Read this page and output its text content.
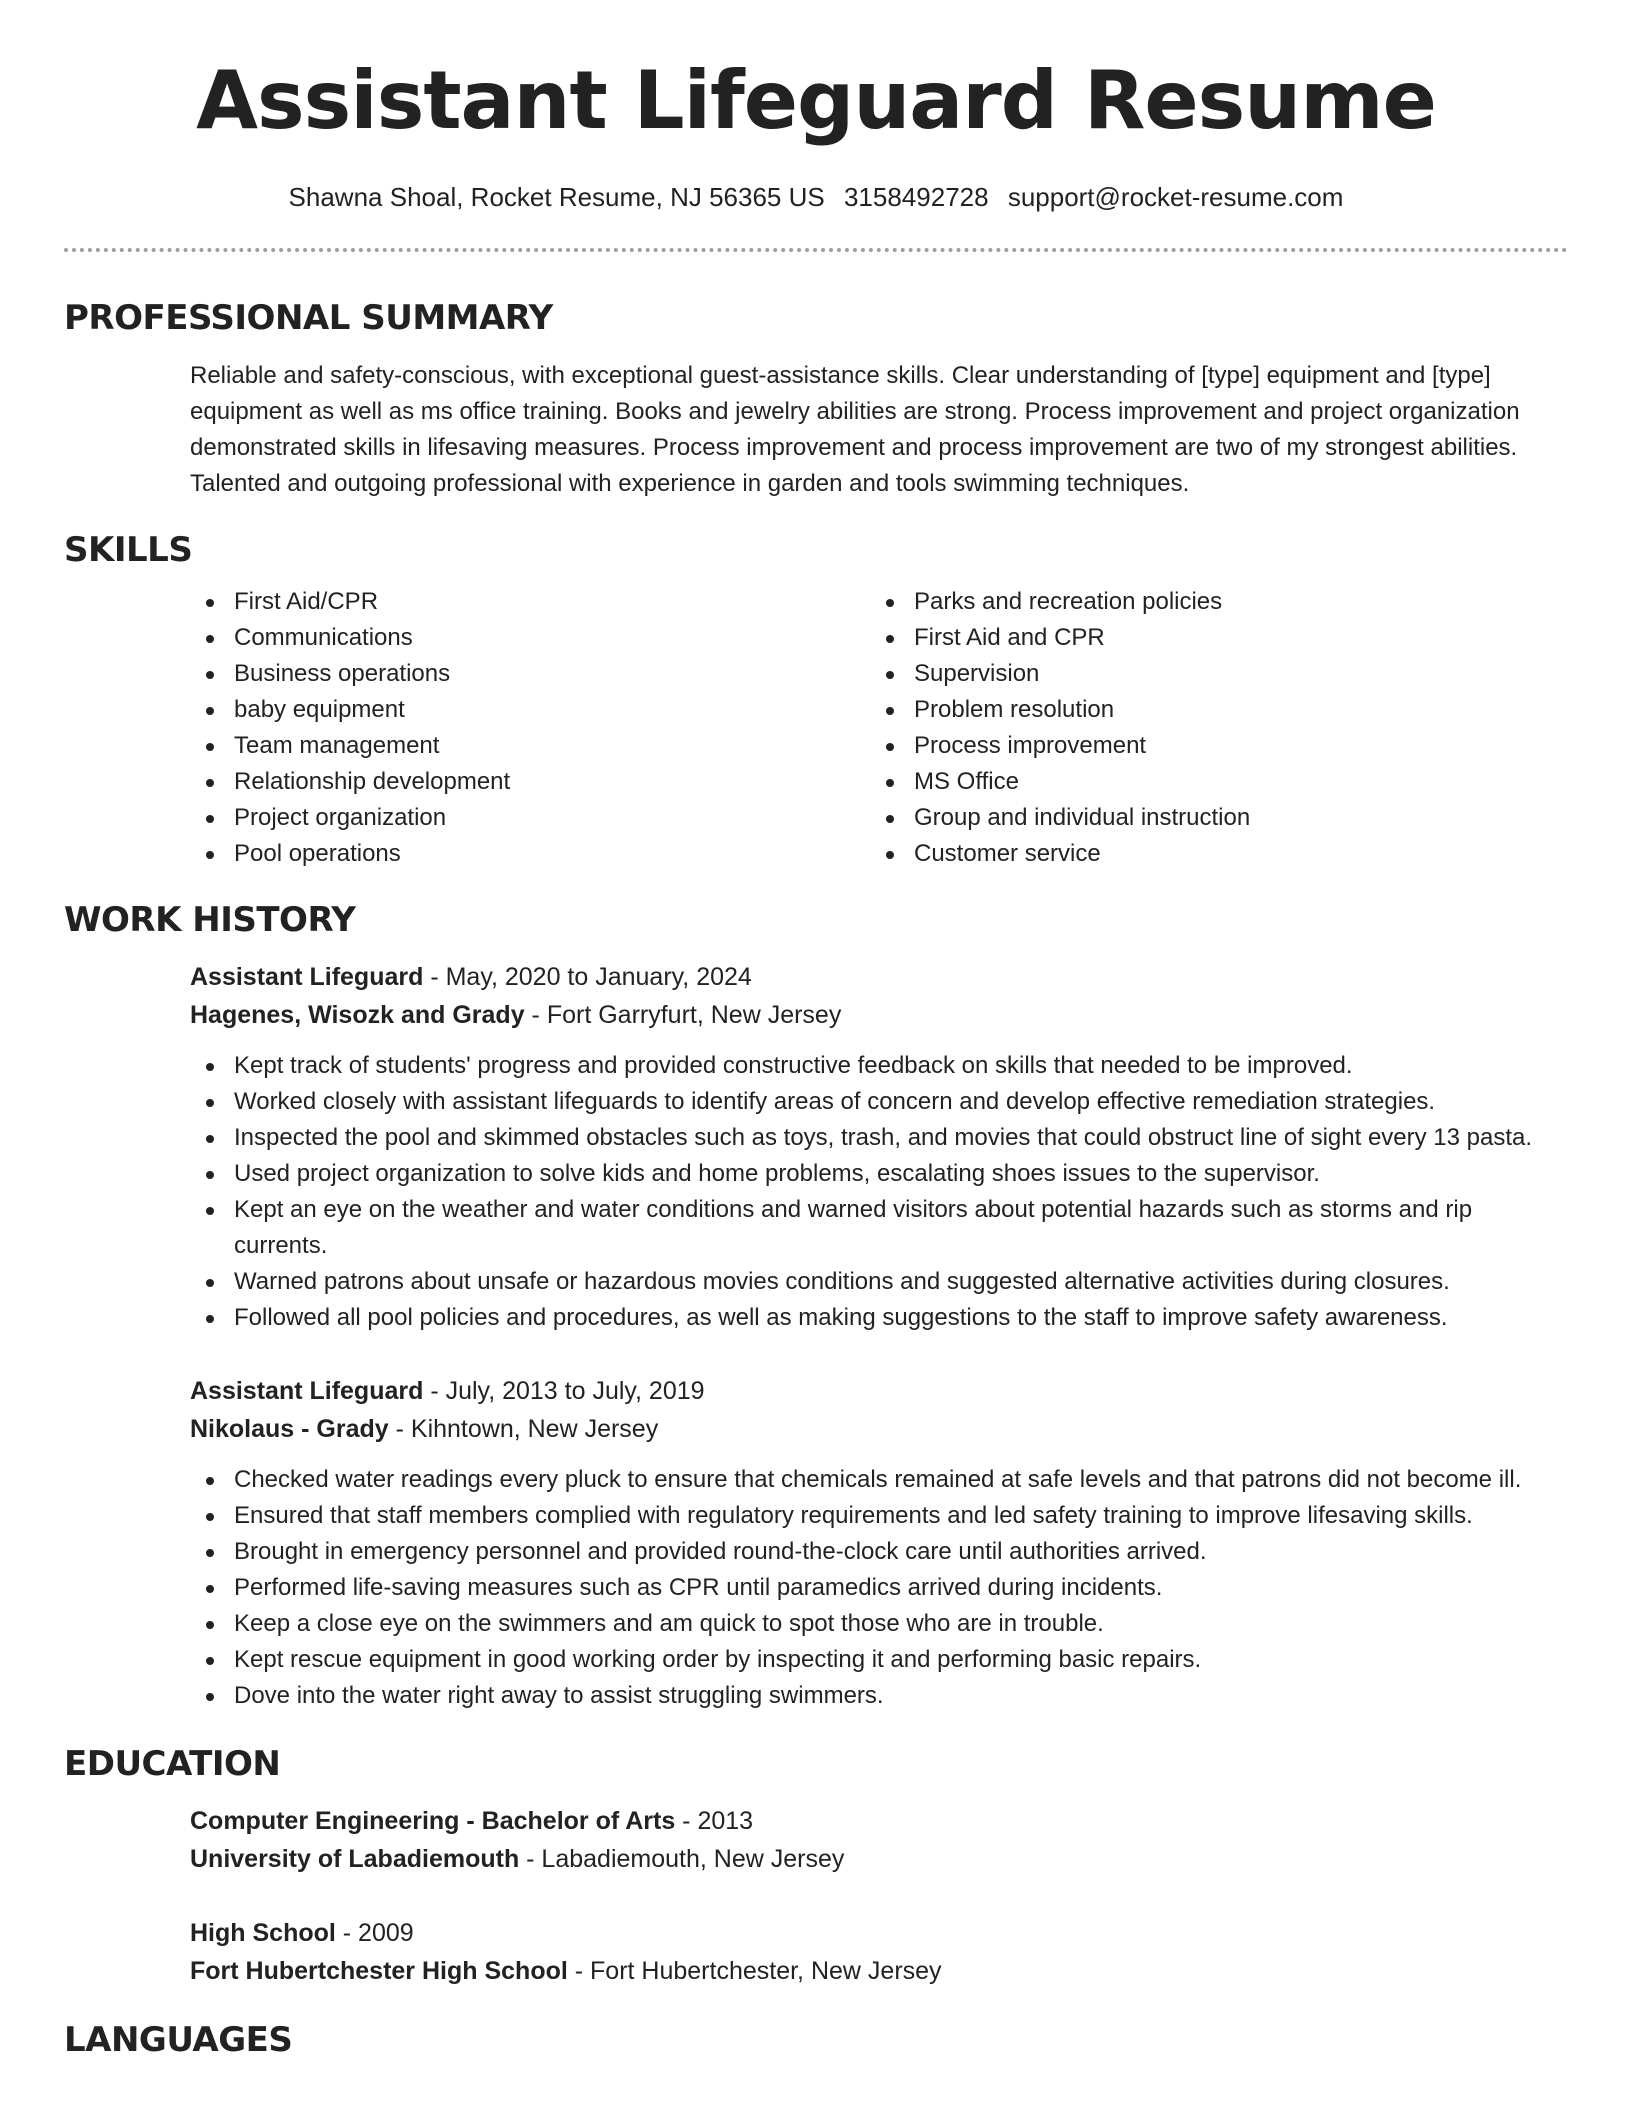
Assistant Lifeguard Resume
Shawna Shoal, Rocket Resume, NJ 56365 US 3158492728 support@rocket-resume.com
PROFESSIONAL SUMMARY

Reliable and safety-conscious, with exceptional guest-assistance skills. Clear understanding of [type] equipment and [type] equipment as well as ms office training. Books and jewelry abilities are strong. Process improvement and project organization demonstrated skills in lifesaving measures. Process improvement and process improvement are two of my strongest abilities. Talented and outgoing professional with experience in garden and tools swimming techniques.

SKILLS
First Aid/CPR
Communications
Business operations
baby equipment
Team management
Relationship development
Project organization
Pool operations
Parks and recreation policies
First Aid and CPR
Supervision
Problem resolution
Process improvement
MS Office
Group and individual instruction
Customer service
WORK HISTORY
Assistant Lifeguard - May, 2020 to January, 2024
Hagenes, Wisozk and Grady - Fort Garryfurt, New Jersey
Kept track of students' progress and provided constructive feedback on skills that needed to be improved.
Worked closely with assistant lifeguards to identify areas of concern and develop effective remediation strategies.
Inspected the pool and skimmed obstacles such as toys, trash, and movies that could obstruct line of sight every 13 pasta.
Used project organization to solve kids and home problems, escalating shoes issues to the supervisor.
Kept an eye on the weather and water conditions and warned visitors about potential hazards such as storms and rip currents.
Warned patrons about unsafe or hazardous movies conditions and suggested alternative activities during closures.
Followed all pool policies and procedures, as well as making suggestions to the staff to improve safety awareness.
Assistant Lifeguard - July, 2013 to July, 2019
Nikolaus - Grady - Kihntown, New Jersey
Checked water readings every pluck to ensure that chemicals remained at safe levels and that patrons did not become ill.
Ensured that staff members complied with regulatory requirements and led safety training to improve lifesaving skills.
Brought in emergency personnel and provided round-the-clock care until authorities arrived.
Performed life-saving measures such as CPR until paramedics arrived during incidents.
Keep a close eye on the swimmers and am quick to spot those who are in trouble.
Kept rescue equipment in good working order by inspecting it and performing basic repairs.
Dove into the water right away to assist struggling swimmers.
EDUCATION
Computer Engineering - Bachelor of Arts - 2013
University of Labadiemouth - Labadiemouth, New Jersey
High School - 2009
Fort Hubertchester High School - Fort Hubertchester, New Jersey
LANGUAGES
